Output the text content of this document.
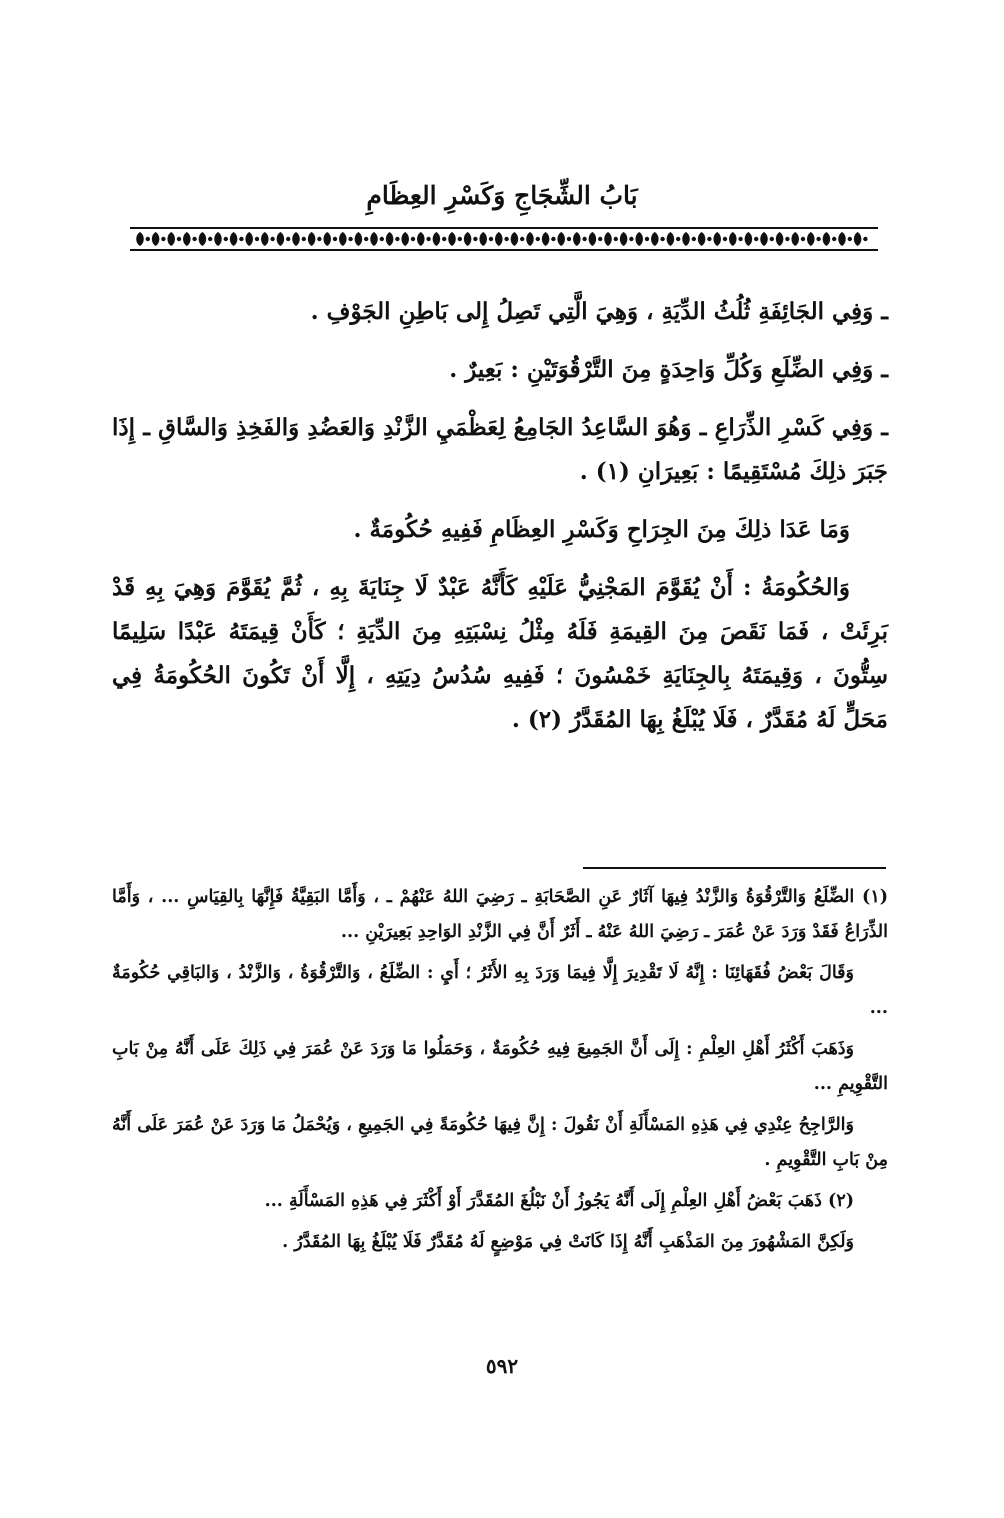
بَابُ الشِّجَاجِ وَكَسْرِ العِظَامِ

ـ وَفِي الجَائِفَةِ ثُلُثُ الدِّيَةِ ، وَهِيَ الَّتِي تَصِلُ إِلى بَاطِنِ الجَوْفِ .

ـ وَفِي الضِّلَعِ وَكُلِّ وَاحِدَةٍ مِنَ التَّرْقُوَتَيْنِ : بَعِيرٌ .

ـ وَفِي كَسْرِ الذِّرَاعِ ـ وَهُوَ السَّاعِدُ الجَامِعُ لِعَظْمَيِ الزَّنْدِ وَالعَضُدِ وَالفَخِذِ وَالسَّاقِ ـ إِذَا جَبَرَ ذلِكَ مُسْتَقِيمًا : بَعِيرَانِ (١) .

وَمَا عَدَا ذلِكَ مِنَ الجِرَاحِ وَكَسْرِ العِظَامِ فَفِيهِ حُكُومَةٌ .

وَالحُكُومَةُ : أَنْ يُقَوَّمَ المَجْنِيُّ عَلَيْهِ كَأَنَّهُ عَبْدٌ لَا جِنَايَةَ بِهِ ، ثُمَّ يُقَوَّمَ وَهِيَ بِهِ قَدْ بَرِئَتْ ، فَمَا نَقَصَ مِنَ القِيمَةِ فَلَهُ مِثْلُ نِسْبَتِهِ مِنَ الدِّيَةِ ؛ كَأَنْ قِيمَتَهُ عَبْدًا سَلِيمًا سِتُّونَ ، وَقِيمَتَهُ بِالجِنَايَةِ خَمْسُونَ ؛ فَفِيهِ سُدُسُ دِيَتِهِ ، إِلَّا أَنْ تَكُونَ الحُكُومَةُ فِي مَحَلٍّ لَهُ مُقَدَّرٌ ، فَلَا يُبْلَغُ بِهَا المُقَدَّرُ (٢) .

(١) الضِّلَعُ وَالتَّرْقُوَةُ وَالزَّنْدُ فِيهَا آثَارٌ عَنِ الصَّحَابَةِ ـ رَضِيَ اللهُ عَنْهُمْ ـ ، وَأَمَّا البَقِيَّةُ فَإِنَّهَا بِالقِيَاسِ ... ، وَأَمَّا الذِّرَاعُ فَقَدْ وَرَدَ عَنْ عُمَرَ ـ رَضِيَ اللهُ عَنْهُ ـ أَثَرٌ أَنَّ فِي الزَّنْدِ الوَاحِدِ بَعِيرَيْنِ ...

وَقَالَ بَعْضُ فُقَهَائِنَا : إِنَّهُ لَا تَقْدِيرَ إِلَّا فِيمَا وَرَدَ بِهِ الأَثَرُ ؛ أَيِ : الضِّلَعُ ، وَالتَّرْقُوَةُ ، وَالزَّنْدُ ، وَالبَاقِي حُكُومَةٌ ...

وَذَهَبَ أَكْثَرُ أَهْلِ العِلْمِ : إِلَى أَنَّ الجَمِيعَ فِيهِ حُكُومَةٌ ، وَحَمَلُوا مَا وَرَدَ عَنْ عُمَرَ فِي ذَلِكَ عَلَى أَنَّهُ مِنْ بَابِ التَّقْوِيمِ ...

وَالرَّاجِحُ عِنْدِي فِي هَذِهِ المَسْأَلَةِ أَنْ نَقُولَ : إِنَّ فِيهَا حُكُومَةً فِي الجَمِيعِ ، وَيُحْمَلُ مَا وَرَدَ عَنْ عُمَرَ عَلَى أَنَّهُ مِنْ بَابِ التَّقْوِيمِ .

(٢) ذَهَبَ بَعْضُ أَهْلِ العِلْمِ إِلَى أَنَّهُ يَجُوزُ أَنْ نَبْلُغَ المُقَدَّرَ أَوْ أَكْثَرَ فِي هَذِهِ المَسْأَلَةِ ...

وَلَكِنَّ المَشْهُورَ مِنَ المَذْهَبِ أَنَّهُ إِذَا كَانَتْ فِي مَوْضِعٍ لَهُ مُقَدَّرٌ فَلَا يُبْلَغُ بِهَا المُقَدَّرُ .

٥٩٢
